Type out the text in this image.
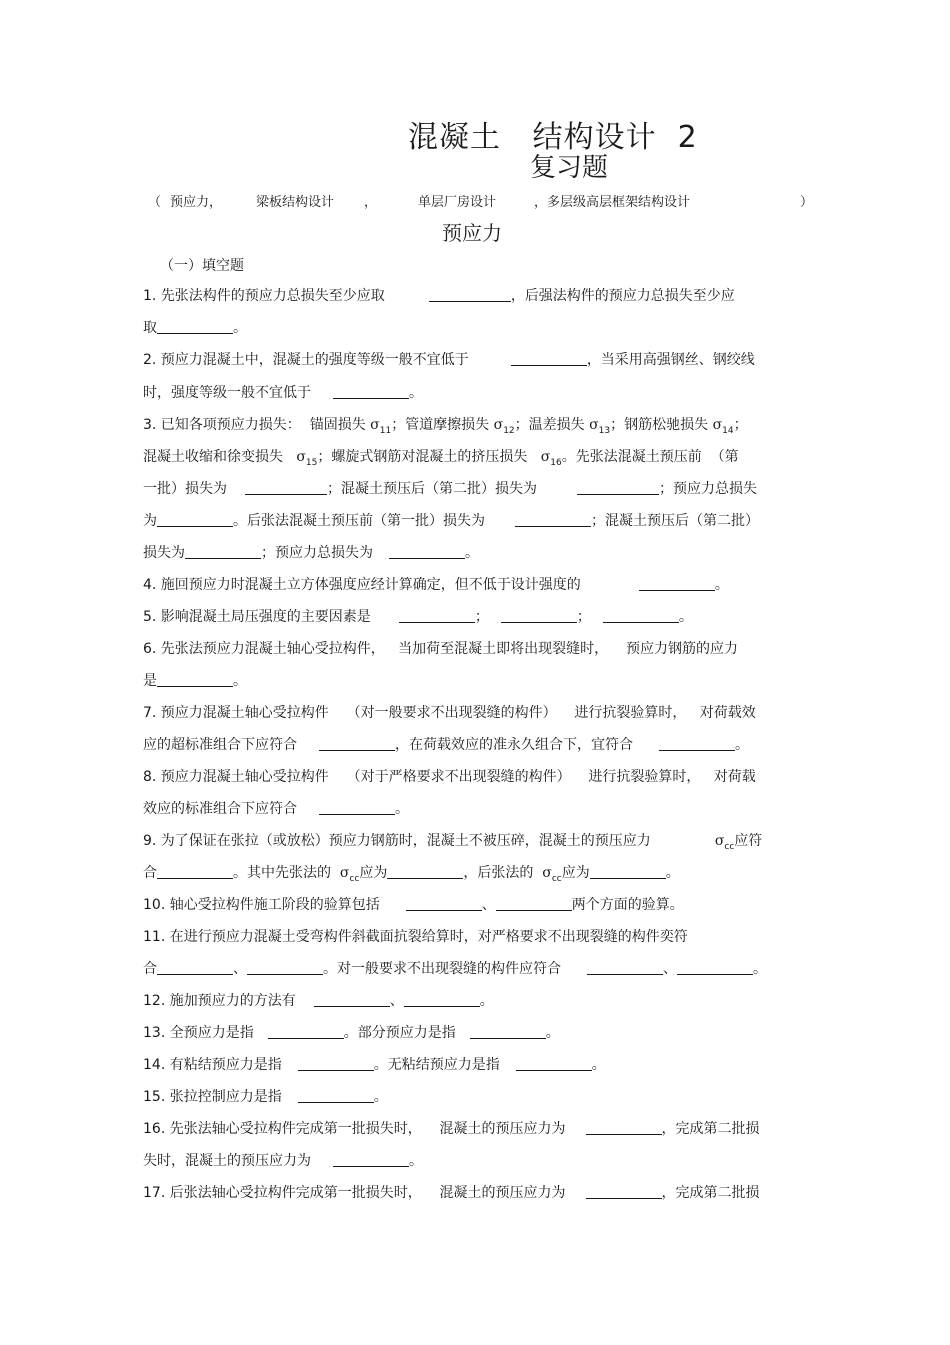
混凝土   结构设计  2
复习题
（ 预应力，	梁板结构设计 ，	单层厂房设计	，多层级高层框架结构设计	）
预应力
（一）填空题
1. 先张法构件的预应力总损失至少应取	，后强法构件的预应力总损失至少应
取	。
2. 预应力混凝土中，混凝土的强度等级一般不宜低于	，当采用高强钢丝、钢绞线
时，强度等级一般不宜低于	。
3. 已知各项预应力损失：  锚固损失 $\sigma_{11}$；管道摩擦损失 $\sigma_{12}$；温差损失 $\sigma_{13}$；钢筋松驰损失 $\sigma_{14}$；
混凝土收缩和徐变损失 $\sigma_{15}$；螺旋式钢筋对混凝土的挤压损失 $\sigma_{16}$。先张法混凝土预压前  （第
一批）损失为	；混凝土预压后（第二批）损失为	；预应力总损失
为	。后张法混凝土预压前（第一批）损失为	；混凝土预压后（第二批）
损失为	；预应力总损失为	。
4. 施回预应力时混凝土立方体强度应经计算确定，但不低于设计强度的	。
5. 影响混凝土局压强度的主要因素是	；	；	。
6. 先张法预应力混凝土轴心受拉构件，   当加荷至混凝土即将出现裂缝时，    预应力钢筋的应力
是	。
7. 预应力混凝土轴心受拉构件    （对一般要求不出现裂缝的构件）    进行抗裂验算时，   对荷载效
应的超标准组合下应符合	，在荷载效应的准永久组合下，宜符合	。
8. 预应力混凝土轴心受拉构件    （对于严格要求不出现裂缝的构件）    进行抗裂验算时，   对荷载
效应的标准组合下应符合	。
9. 为了保证在张拉（或放松）预应力钢筋时，混凝土不被压碎，混凝土的预压应力	$\sigma_{cc}$应符
合	。其中先张法的 $\sigma_{cc}$应为	，后张法的 $\sigma_{cc}$应为	。
10. 轴心受拉构件施工阶段的验算包括	、	两个方面的验算。
11. 在进行预应力混凝土受弯构件斜截面抗裂给算时，对严格要求不出现裂缝的构件奕符
合	、	。对一般要求不出现裂缝的构件应符合	、	。
12. 施加预应力的方法有	、	。
13. 全预应力是指	。部分预应力是指	。
14. 有粘结预应力是指	。无粘结预应力是指	。
15. 张拉控制应力是指	。
16. 先张法轴心受拉构件完成第一批损失时，    混凝土的预压应力为	，完成第二批损
失时，混凝土的预压应力为	。
17. 后张法轴心受拉构件完成第一批损失时，    混凝土的预压应力为	，完成第二批损
